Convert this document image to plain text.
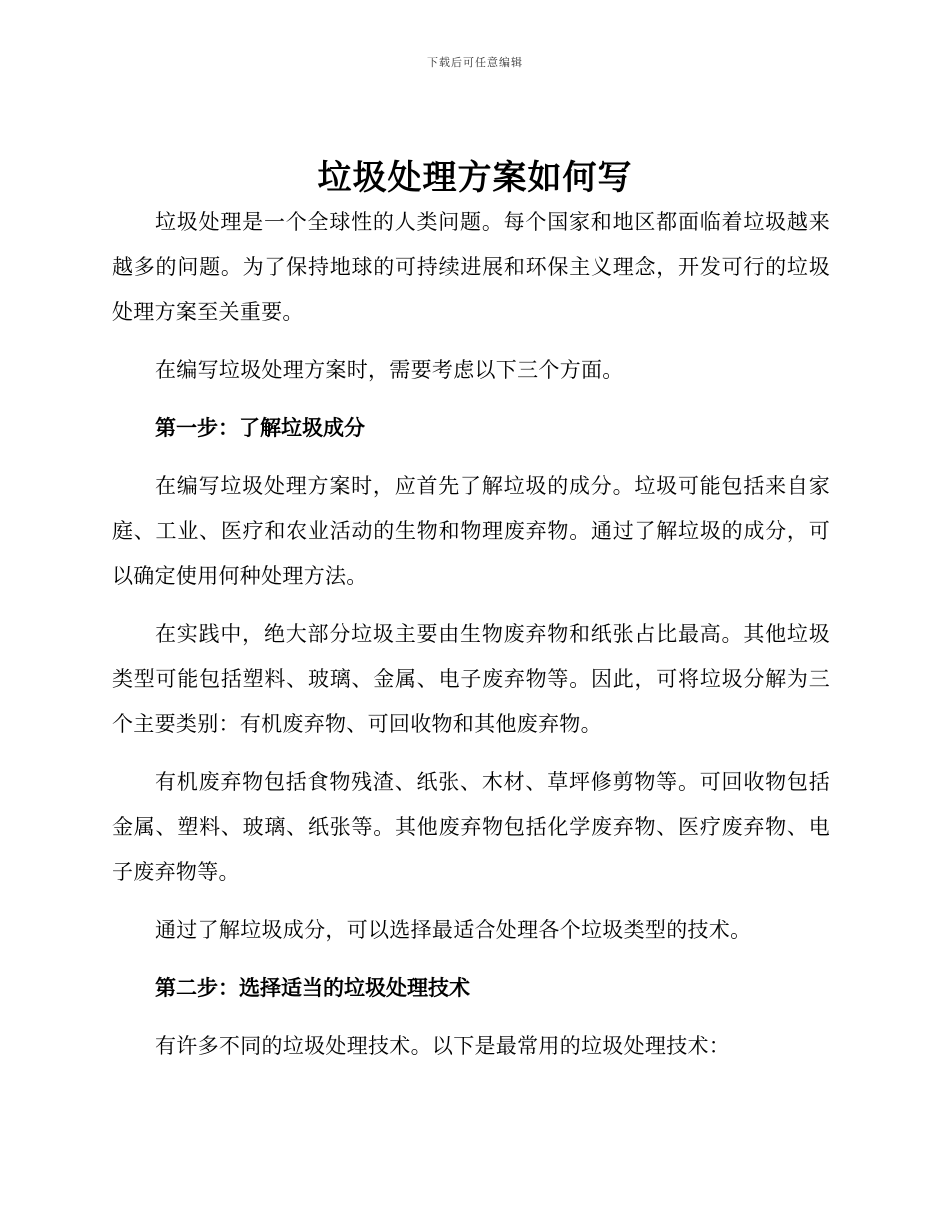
下载后可任意编辑
垃圾处理方案如何写

垃圾处理是一个全球性的人类问题。每个国家和地区都面临着垃圾越来越多的问题。为了保持地球的可持续进展和环保主义理念，开发可行的垃圾处理方案至关重要。

在编写垃圾处理方案时，需要考虑以下三个方面。

第一步：了解垃圾成分

在编写垃圾处理方案时，应首先了解垃圾的成分。垃圾可能包括来自家庭、工业、医疗和农业活动的生物和物理废弃物。通过了解垃圾的成分，可以确定使用何种处理方法。

在实践中，绝大部分垃圾主要由生物废弃物和纸张占比最高。其他垃圾类型可能包括塑料、玻璃、金属、电子废弃物等。因此，可将垃圾分解为三个主要类别：有机废弃物、可回收物和其他废弃物。

有机废弃物包括食物残渣、纸张、木材、草坪修剪物等。可回收物包括金属、塑料、玻璃、纸张等。其他废弃物包括化学废弃物、医疗废弃物、电子废弃物等。

通过了解垃圾成分，可以选择最适合处理各个垃圾类型的技术。

第二步：选择适当的垃圾处理技术

有许多不同的垃圾处理技术。以下是最常用的垃圾处理技术：
